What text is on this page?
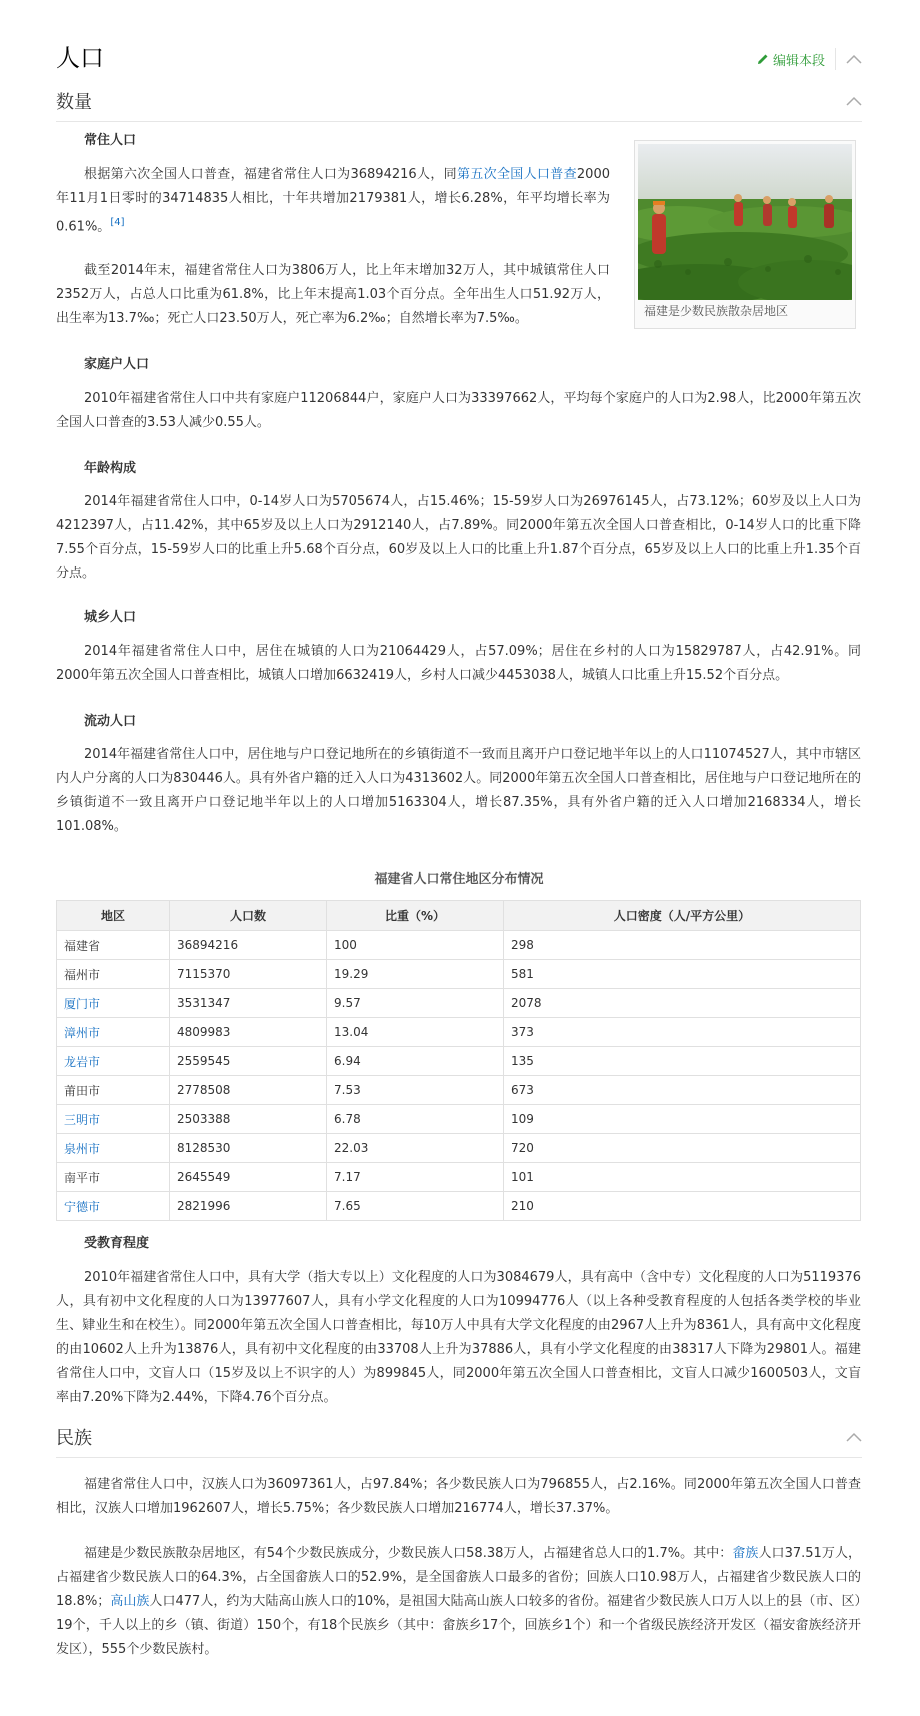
人口	编辑本段
数量
福建是少数民族散杂居地区
常住人口
根据第六次全国人口普查，福建省常住人口为36894216人，同第五次全国人口普查2000年11月1日零时的34714835人相比，十年共增加2179381人，增长6.28%，年平均增长率为0.61%。[4]
截至2014年末，福建省常住人口为3806万人，比上年末增加32万人，其中城镇常住人口2352万人，占总人口比重为61.8%，比上年末提高1.03个百分点。全年出生人口51.92万人，出生率为13.7‰；死亡人口23.50万人，死亡率为6.2‰；自然增长率为7.5‰。
家庭户人口
2010年福建省常住人口中共有家庭户11206844户，家庭户人口为33397662人，平均每个家庭户的人口为2.98人，比2000年第五次全国人口普查的3.53人减少0.55人。
年龄构成
2014年福建省常住人口中，0-14岁人口为5705674人，占15.46%；15-59岁人口为26976145人，占73.12%；60岁及以上人口为4212397人，占11.42%，其中65岁及以上人口为2912140人，占7.89%。同2000年第五次全国人口普查相比，0-14岁人口的比重下降7.55个百分点，15-59岁人口的比重上升5.68个百分点，60岁及以上人口的比重上升1.87个百分点，65岁及以上人口的比重上升1.35个百分点。
城乡人口
2014年福建省常住人口中，居住在城镇的人口为21064429人，占57.09%；居住在乡村的人口为15829787人，占42.91%。同2000年第五次全国人口普查相比，城镇人口增加6632419人，乡村人口减少4453038人，城镇人口比重上升15.52个百分点。
流动人口
2014年福建省常住人口中，居住地与户口登记地所在的乡镇街道不一致而且离开户口登记地半年以上的人口11074527人，其中市辖区内人户分离的人口为830446人。具有外省户籍的迁入人口为4313602人。同2000年第五次全国人口普查相比，居住地与户口登记地所在的乡镇街道不一致且离开户口登记地半年以上的人口增加5163304人，增长87.35%，具有外省户籍的迁入人口增加2168334人，增长101.08%。
福建省人口常住地区分布情况
地区	人口数	比重（%）	人口密度（人/平方公里）
福建省	36894216	100	298
福州市	7115370	19.29	581
厦门市	3531347	9.57	2078
漳州市	4809983	13.04	373
龙岩市	2559545	6.94	135
莆田市	2778508	7.53	673
三明市	2503388	6.78	109
泉州市	8128530	22.03	720
南平市	2645549	7.17	101
宁德市	2821996	7.65	210
受教育程度
2010年福建省常住人口中，具有大学（指大专以上）文化程度的人口为3084679人，具有高中（含中专）文化程度的人口为5119376人，具有初中文化程度的人口为13977607人，具有小学文化程度的人口为10994776人（以上各种受教育程度的人包括各类学校的毕业生、肄业生和在校生）。同2000年第五次全国人口普查相比，每10万人中具有大学文化程度的由2967人上升为8361人，具有高中文化程度的由10602人上升为13876人，具有初中文化程度的由33708人上升为37886人，具有小学文化程度的由38317人下降为29801人。福建省常住人口中，文盲人口（15岁及以上不识字的人）为899845人，同2000年第五次全国人口普查相比，文盲人口减少1600503人，文盲率由7.20%下降为2.44%，下降4.76个百分点。
民族
福建省常住人口中，汉族人口为36097361人，占97.84%；各少数民族人口为796855人，占2.16%。同2000年第五次全国人口普查相比，汉族人口增加1962607人，增长5.75%；各少数民族人口增加216774人，增长37.37%。
福建是少数民族散杂居地区，有54个少数民族成分，少数民族人口58.38万人，占福建省总人口的1.7%。其中：畲族人口37.51万人，占福建省少数民族人口的64.3%，占全国畲族人口的52.9%，是全国畲族人口最多的省份；回族人口10.98万人，占福建省少数民族人口的18.8%；高山族人口477人，约为大陆高山族人口的10%，是祖国大陆高山族人口较多的省份。福建省少数民族人口万人以上的县（市、区）19个，千人以上的乡（镇、街道）150个，有18个民族乡（其中：畲族乡17个，回族乡1个）和一个省级民族经济开发区（福安畲族经济开发区），555个少数民族村。
